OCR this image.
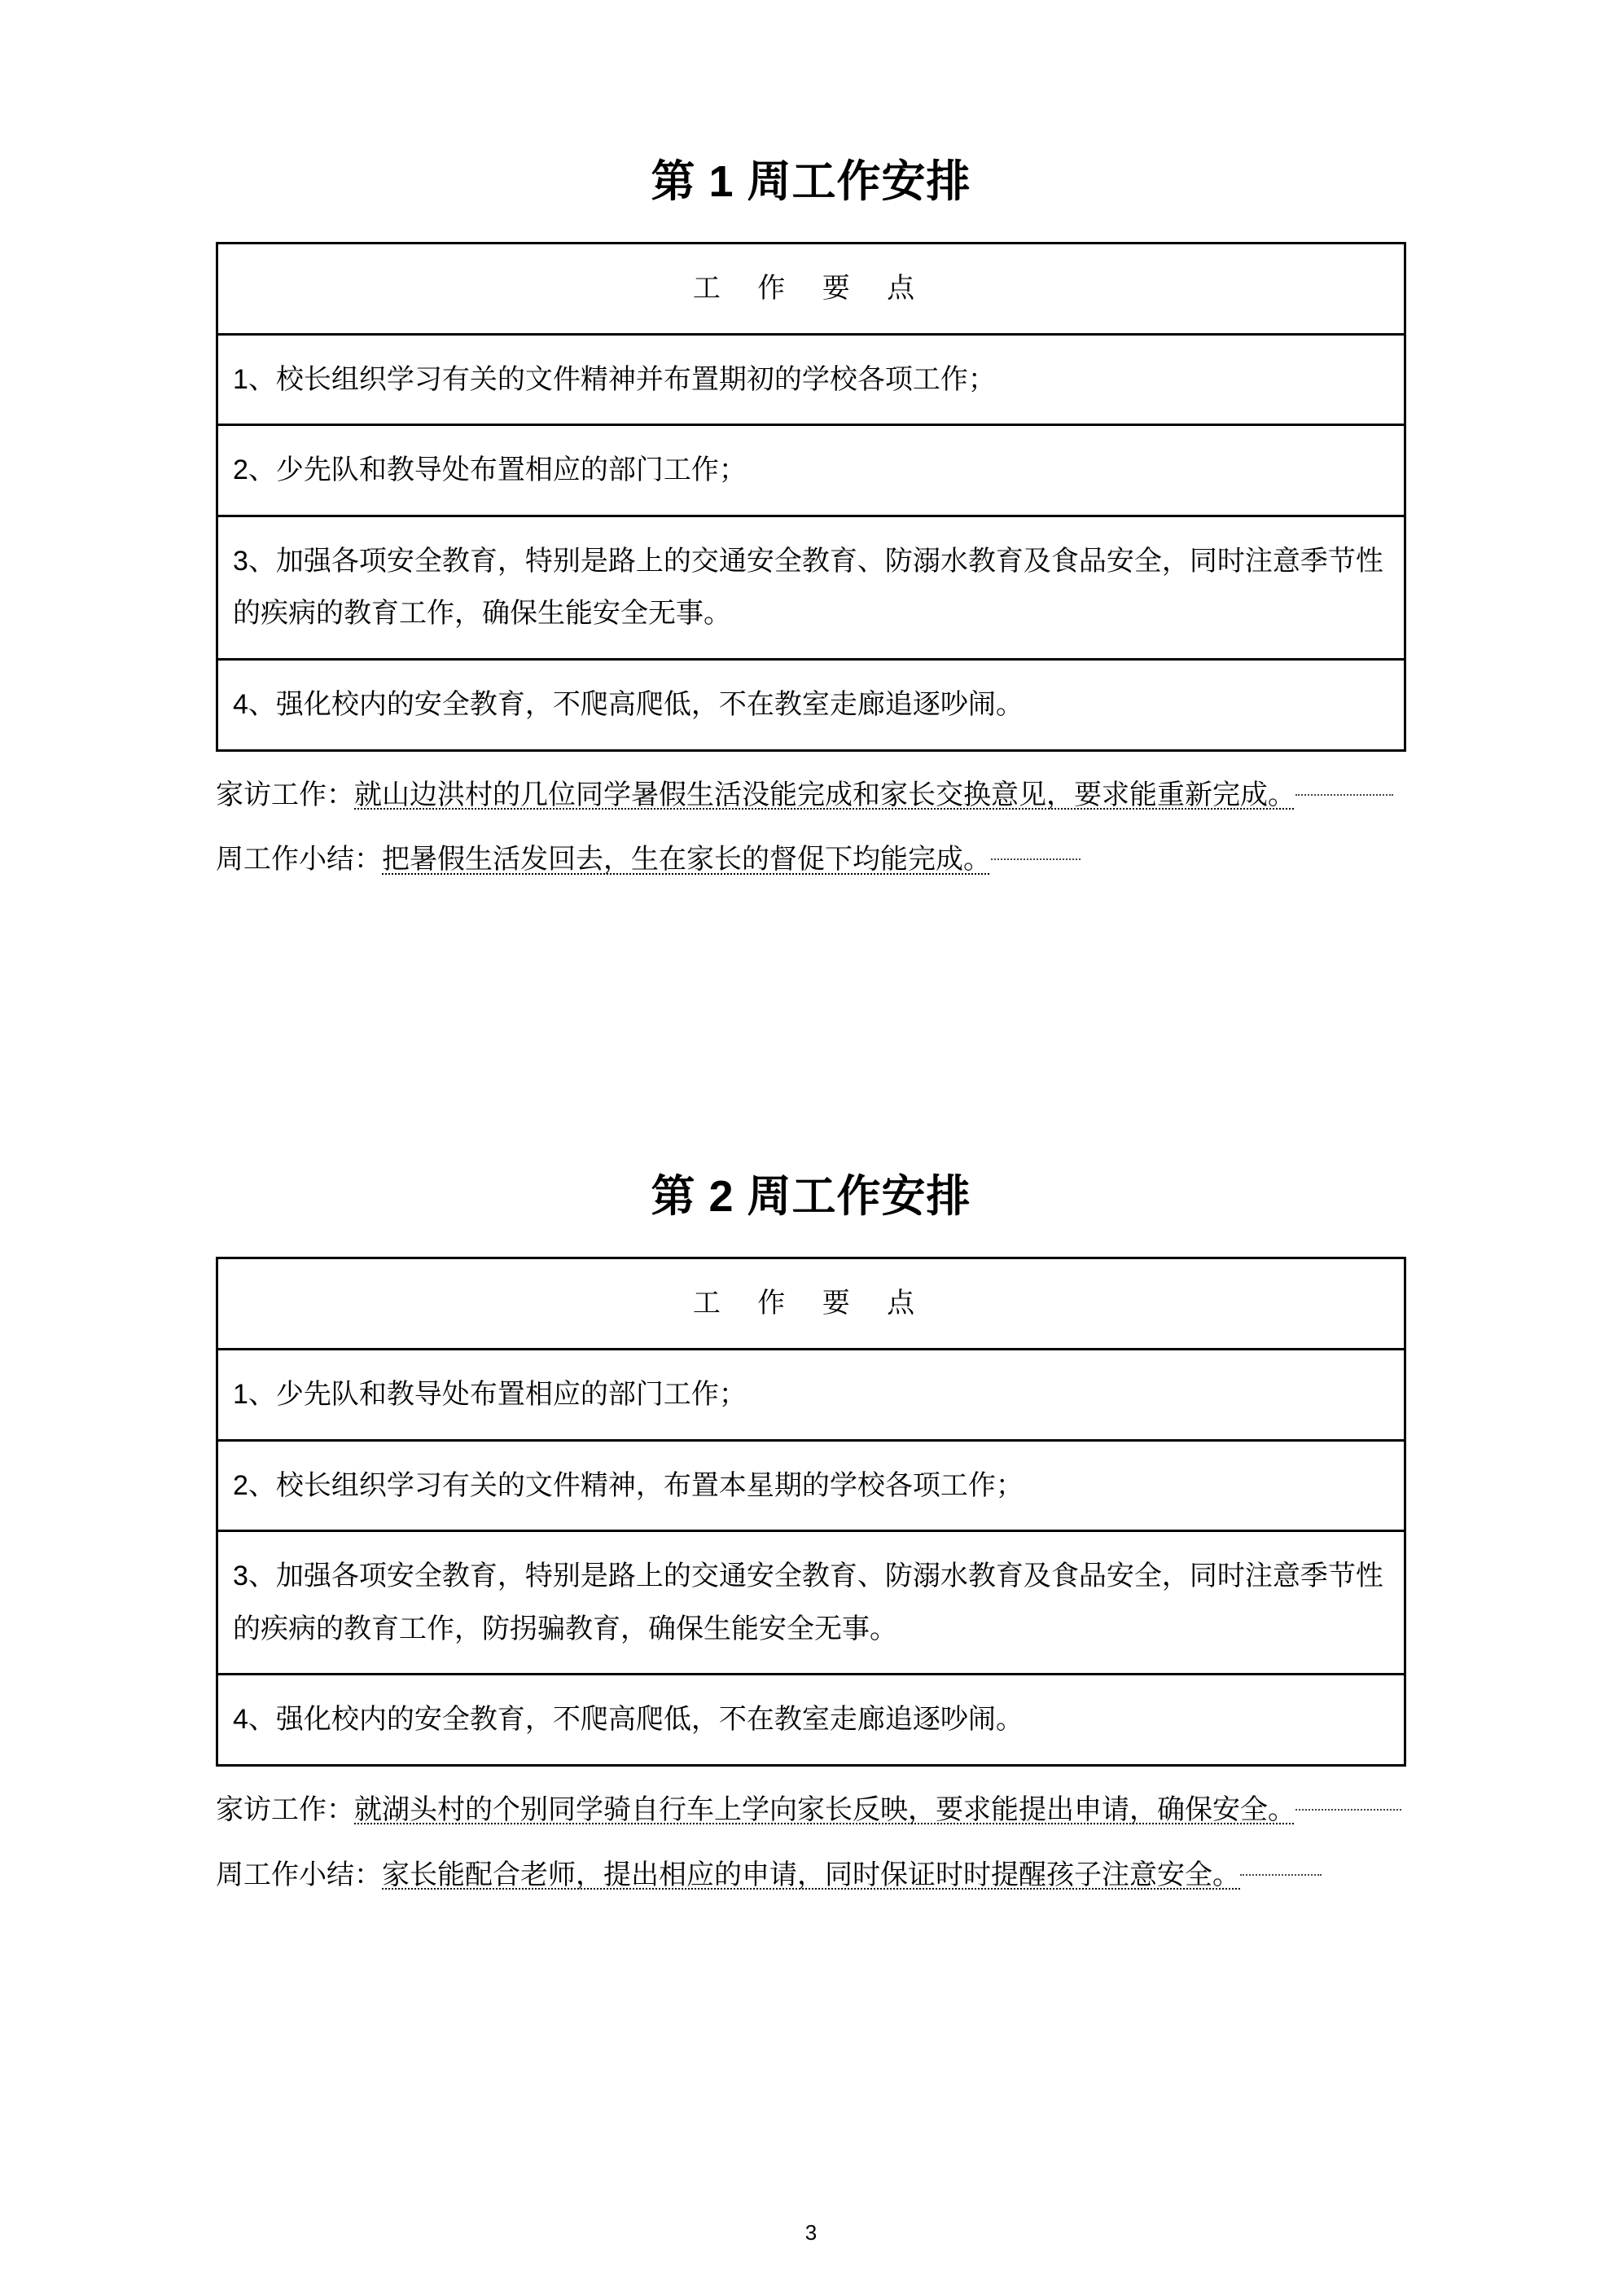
第 1 周工作安排
工 作 要 点
1、校长组织学习有关的文件精神并布置期初的学校各项工作；
2、少先队和教导处布置相应的部门工作；
3、加强各项安全教育，特别是路上的交通安全教育、防溺水教育及食品安全，同时注意季节性的疾病的教育工作，确保生能安全无事。
4、强化校内的安全教育，不爬高爬低，不在教室走廊追逐吵闹。

家访工作：就山边洪村的几位同学暑假生活没能完成和家长交换意见，要求能重新完成。

周工作小结：把暑假生活发回去，生在家长的督促下均能完成。

第 2 周工作安排
工 作 要 点
1、少先队和教导处布置相应的部门工作；
2、校长组织学习有关的文件精神，布置本星期的学校各项工作；
3、加强各项安全教育，特别是路上的交通安全教育、防溺水教育及食品安全，同时注意季节性的疾病的教育工作，防拐骗教育，确保生能安全无事。
4、强化校内的安全教育，不爬高爬低，不在教室走廊追逐吵闹。

家访工作：就湖头村的个别同学骑自行车上学向家长反映，要求能提出申请，确保安全。

周工作小结：家长能配合老师，提出相应的申请，同时保证时时提醒孩子注意安全。

3
